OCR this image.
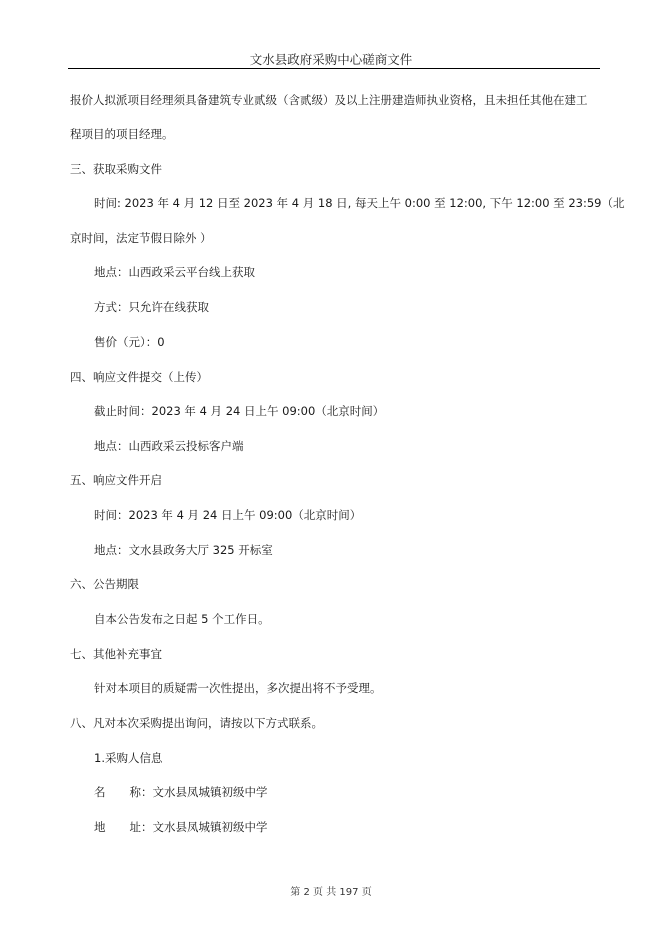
文水县政府采购中心磋商文件
报价人拟派项目经理须具备建筑专业贰级（含贰级）及以上注册建造师执业资格，且未担任其他在建工
程项目的项目经理。
三、获取采购文件
时间: 2023 年 4 月 12 日至 2023 年 4 月 18 日, 每天上午 0:00 至 12:00, 下午 12:00 至 23:59（北
京时间，法定节假日除外 ）
地点：山西政采云平台线上获取
方式：只允许在线获取
售价（元）：0
四、响应文件提交（上传）
截止时间：2023 年 4 月 24 日上午 09:00（北京时间）
地点：山西政采云投标客户端
五、响应文件开启
时间：2023 年 4 月 24 日上午 09:00（北京时间）
地点：文水县政务大厅 325 开标室
六、公告期限
自本公告发布之日起 5 个工作日。
七、其他补充事宜
针对本项目的质疑需一次性提出，多次提出将不予受理。
八、凡对本次采购提出询问，请按以下方式联系。
1.采购人信息
名 称：文水县凤城镇初级中学
地 址：文水县凤城镇初级中学
第 2 页 共 197 页
